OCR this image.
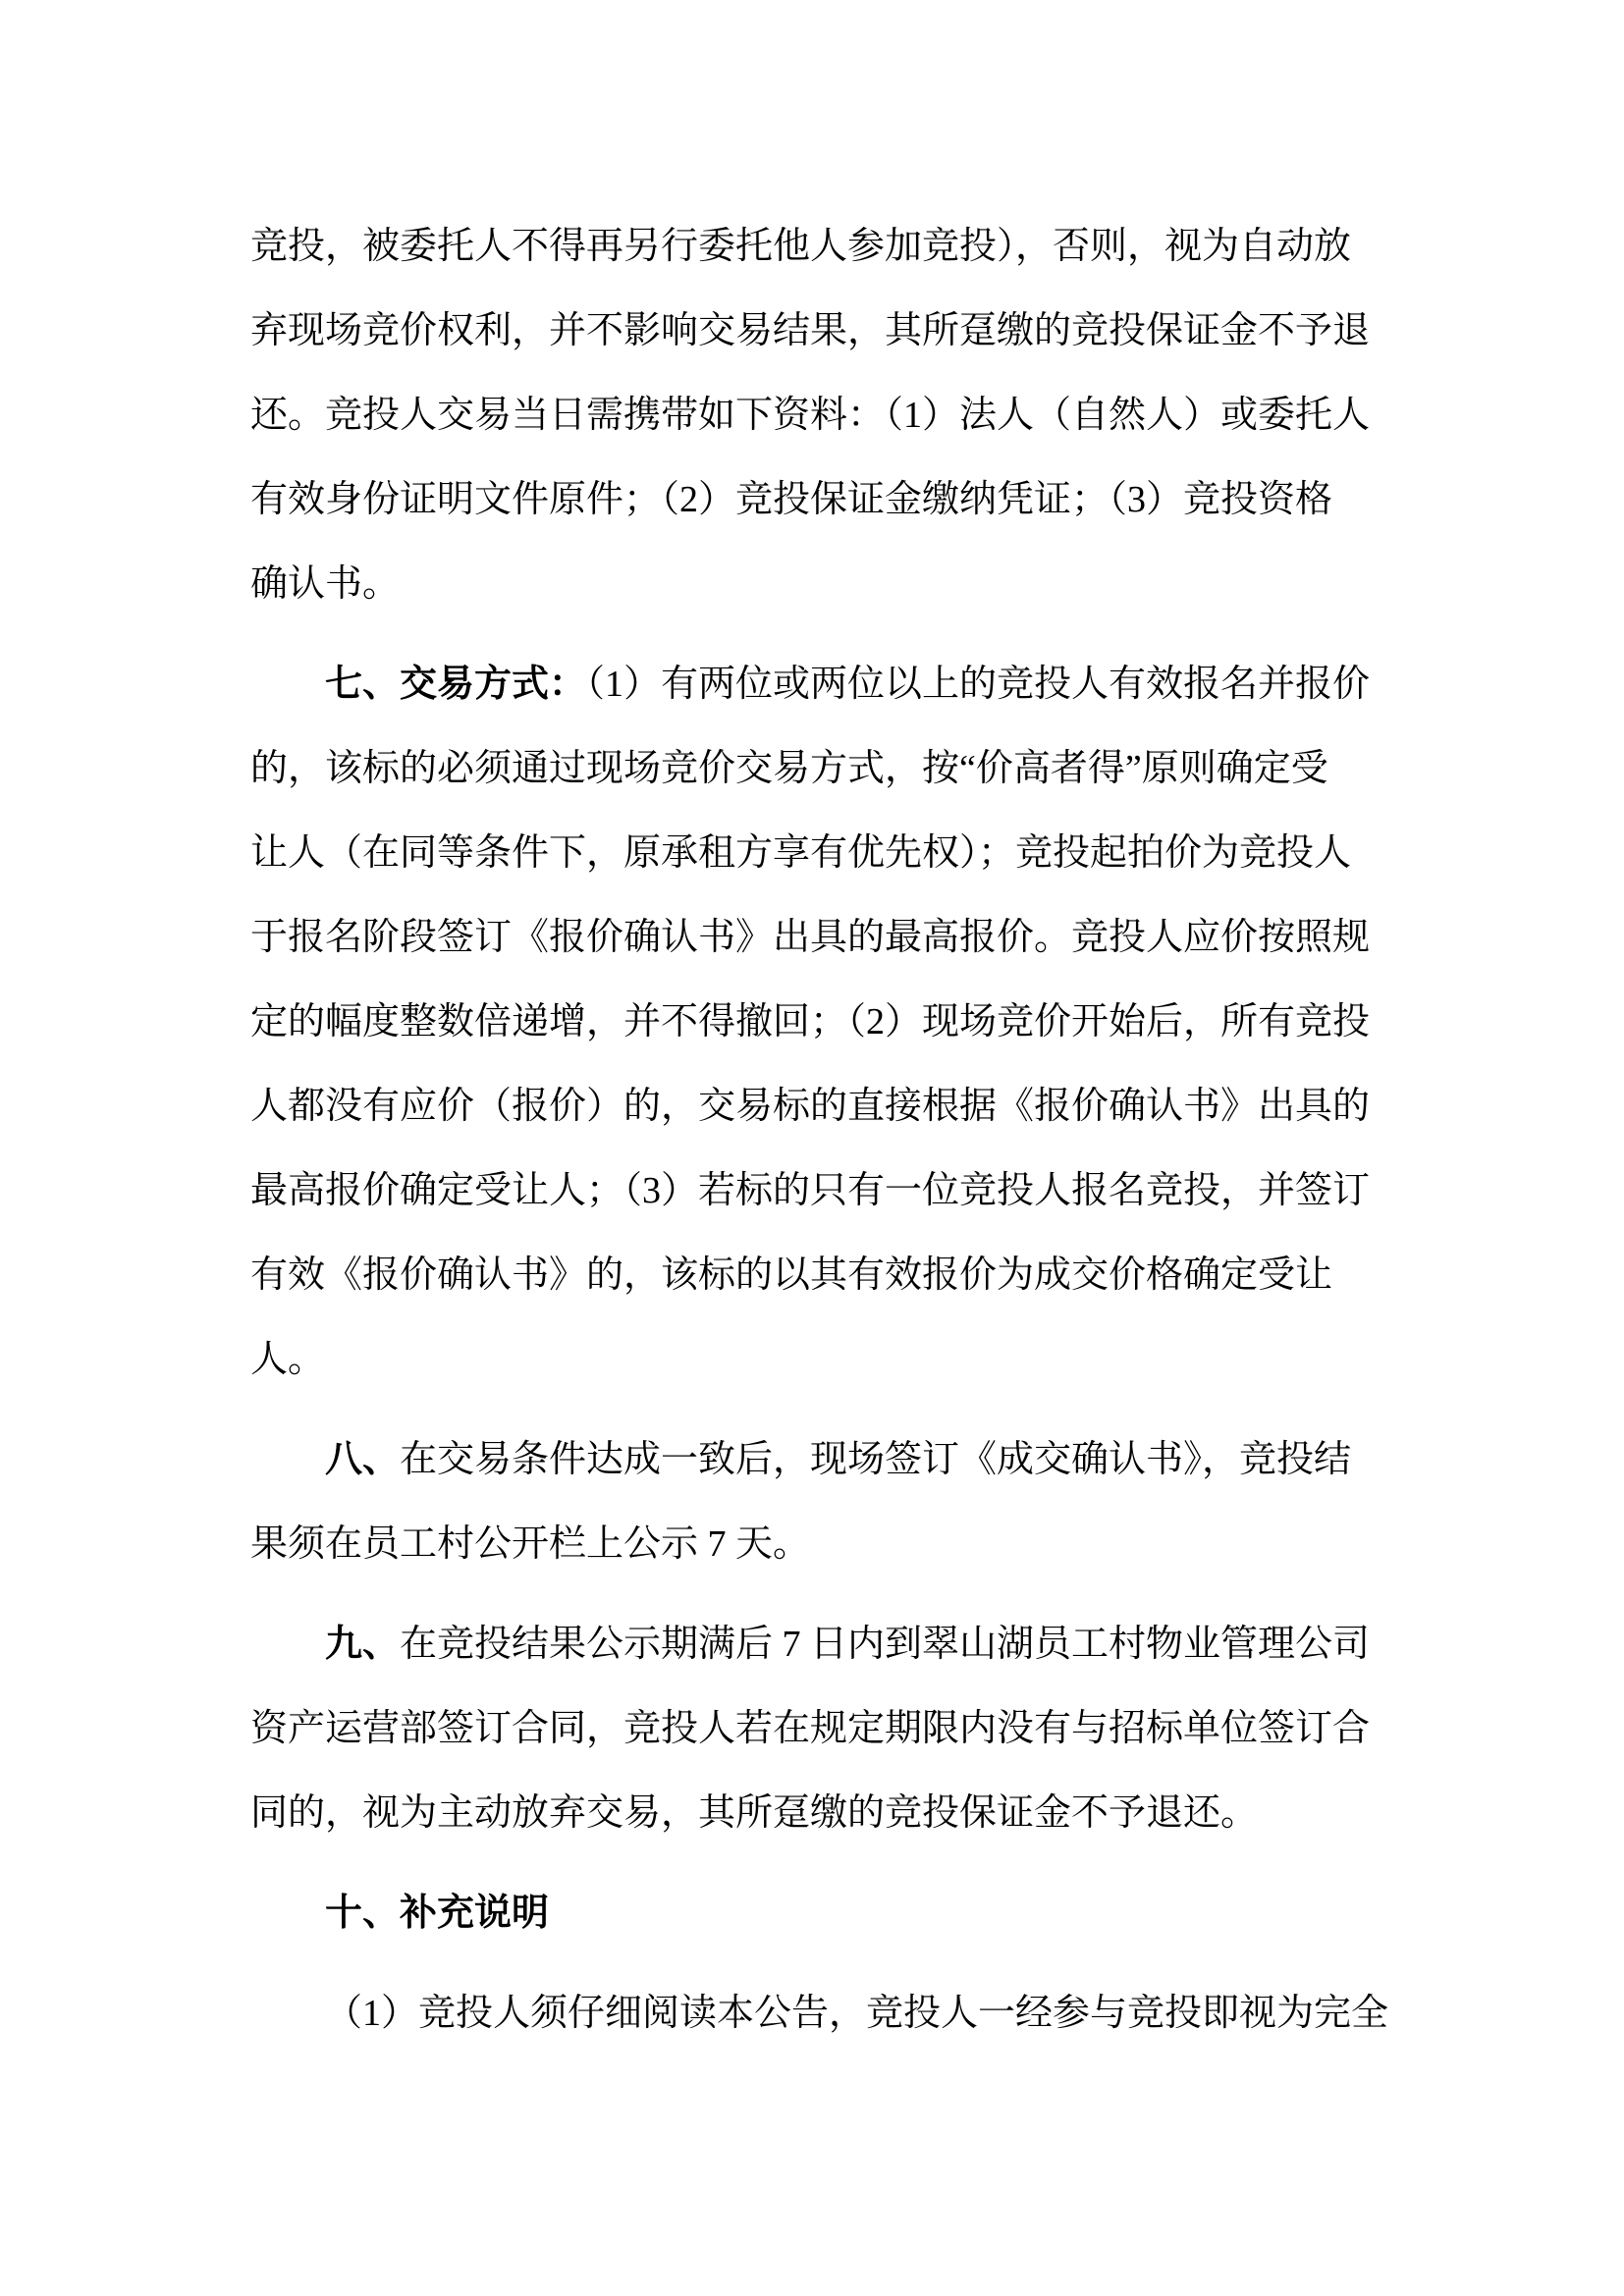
竞投，被委托人不得再另行委托他人参加竞投），否则，视为自动放
弃现场竞价权利，并不影响交易结果，其所趸缴的竞投保证金不予退
还。竞投人交易当日需携带如下资料：（1）法人（自然人）或委托人
有效身份证明文件原件；（2）竞投保证金缴纳凭证；（3）竞投资格
确认书。
七、交易方式：（1）有两位或两位以上的竞投人有效报名并报价
的，该标的必须通过现场竞价交易方式，按“价高者得”原则确定受
让人（在同等条件下，原承租方享有优先权）；竞投起拍价为竞投人
于报名阶段签订《报价确认书》出具的最高报价。竞投人应价按照规
定的幅度整数倍递增，并不得撤回；（2）现场竞价开始后，所有竞投
人都没有应价（报价）的，交易标的直接根据《报价确认书》出具的
最高报价确定受让人；（3）若标的只有一位竞投人报名竞投，并签订
有效《报价确认书》的，该标的以其有效报价为成交价格确定受让
人。
八、在交易条件达成一致后，现场签订《成交确认书》，竞投结
果须在员工村公开栏上公示 7 天。
九、在竞投结果公示期满后 7 日内到翠山湖员工村物业管理公司
资产运营部签订合同，竞投人若在规定期限内没有与招标单位签订合
同的，视为主动放弃交易，其所趸缴的竞投保证金不予退还。
十、补充说明
（1）竞投人须仔细阅读本公告，竞投人一经参与竞投即视为完全
